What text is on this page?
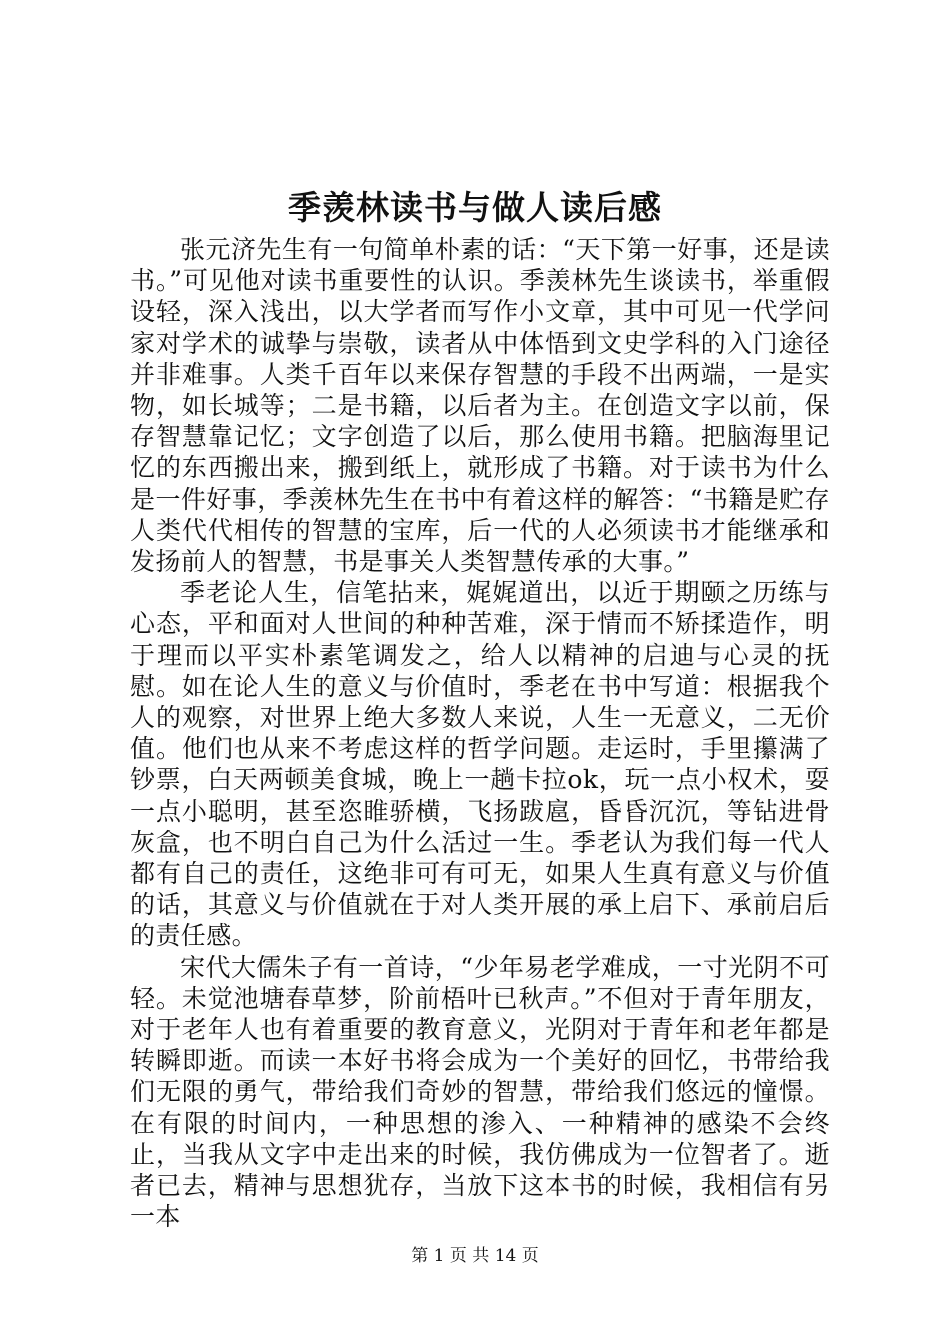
季羡林读书与做人读后感

张元济先生有一句简单朴素的话：“天下第一好事，还是读书。”可见他对读书重要性的认识。季羡林先生谈读书，举重假设轻，深入浅出，以大学者而写作小文章，其中可见一代学问家对学术的诚挚与崇敬，读者从中体悟到文史学科的入门途径并非难事。人类千百年以来保存智慧的手段不出两端，一是实物，如长城等；二是书籍，以后者为主。在创造文字以前，保存智慧靠记忆；文字创造了以后，那么使用书籍。把脑海里记忆的东西搬出来，搬到纸上，就形成了书籍。对于读书为什么是一件好事，季羡林先生在书中有着这样的解答：“书籍是贮存人类代代相传的智慧的宝库，后一代的人必须读书才能继承和发扬前人的智慧，书是事关人类智慧传承的大事。”

季老论人生，信笔拈来，娓娓道出，以近于期颐之历练与心态，平和面对人世间的种种苦难，深于情而不矫揉造作，明于理而以平实朴素笔调发之，给人以精神的启迪与心灵的抚慰。如在论人生的意义与价值时，季老在书中写道：根据我个人的观察，对世界上绝大多数人来说，人生一无意义，二无价值。他们也从来不考虑这样的哲学问题。走运时，手里攥满了钞票，白天两顿美食城，晚上一趟卡拉ok，玩一点小权术，耍一点小聪明，甚至恣睢骄横，飞扬跋扈，昏昏沉沉，等钻进骨灰盒，也不明白自己为什么活过一生。季老认为我们每一代人都有自己的责任，这绝非可有可无，如果人生真有意义与价值的话，其意义与价值就在于对人类开展的承上启下、承前启后的责任感。

宋代大儒朱子有一首诗，“少年易老学难成，一寸光阴不可轻。未觉池塘春草梦，阶前梧叶已秋声。”不但对于青年朋友，对于老年人也有着重要的教育意义，光阴对于青年和老年都是转瞬即逝。而读一本好书将会成为一个美好的回忆，书带给我们无限的勇气，带给我们奇妙的智慧，带给我们悠远的憧憬。在有限的时间内，一种思想的渗入、一种精神的感染不会终止，当我从文字中走出来的时候，我仿佛成为一位智者了。逝者已去，精神与思想犹存，当放下这本书的时候，我相信有另一本

第 1 页 共 14 页
